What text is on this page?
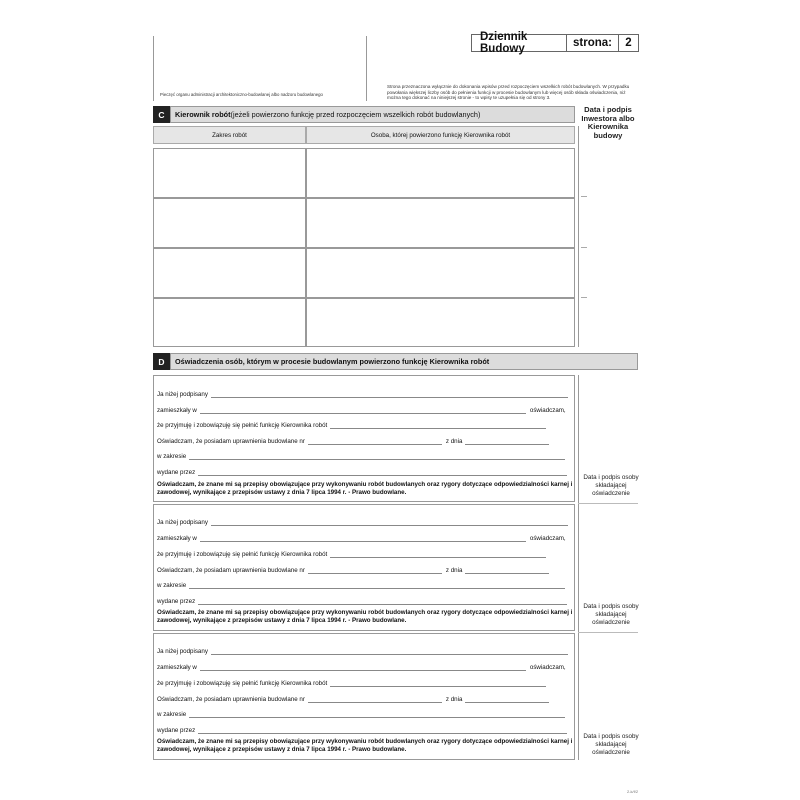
Pieczęć organu administracji architektoniczno-budowlanej albo nadzoru budowlanego
Dziennik Budowy	strona:	2
Strona przeznaczona wyłącznie do dokonania wpisów przed rozpoczęciem wszelkich robót budowlanych. W przypadku powołania większej liczby osób do pełnienia funkcji w procesie budowlanym lub więcej osób składa oświadczenia, niż można tego dokonać na niniejszej stronie - to wpisy te uzupełnia się od strony 3.
C	Kierownik robót (jeżeli powierzono funkcję przed rozpoczęciem wszelkich robót budowlanych)
Data i podpis Inwestora albo Kierownika budowy
Zakres robót	Osoba, której powierzono funkcję Kierownika robót
D	Oświadczenia osób, którym w procesie budowlanym powierzono funkcję Kierownika robót
Ja niżej podpisany
zamieszkały w	oświadczam,
że przyjmuję i zobowiązuję się pełnić funkcję Kierownika robót
Oświadczam, że posiadam uprawnienia budowlane nr	z dnia
w zakresie
wydane przez
Oświadczam, że znane mi są przepisy obowiązujące przy wykonywaniu robót budowlanych oraz rygory dotyczące odpowiedzialności karnej i zawodowej, wynikające z przepisów ustawy z dnia 7 lipca 1994 r. - Prawo budowlane.
Data i podpis osoby składającej oświadczenie
Ja niżej podpisany
zamieszkały w	oświadczam,
że przyjmuję i zobowiązuję się pełnić funkcję Kierownika robót
Oświadczam, że posiadam uprawnienia budowlane nr	z dnia
w zakresie
wydane przez
Oświadczam, że znane mi są przepisy obowiązujące przy wykonywaniu robót budowlanych oraz rygory dotyczące odpowiedzialności karnej i zawodowej, wynikające z przepisów ustawy z dnia 7 lipca 1994 r. - Prawo budowlane.
Data i podpis osoby składającej oświadczenie
Ja niżej podpisany
zamieszkały w	oświadczam,
że przyjmuję i zobowiązuję się pełnić funkcję Kierownika robót
Oświadczam, że posiadam uprawnienia budowlane nr	z dnia
w zakresie
wydane przez
Oświadczam, że znane mi są przepisy obowiązujące przy wykonywaniu robót budowlanych oraz rygory dotyczące odpowiedzialności karnej i zawodowej, wynikające z przepisów ustawy z dnia 7 lipca 1994 r. - Prawo budowlane.
Data i podpis osoby składającej oświadczenie
2-k/f/2
